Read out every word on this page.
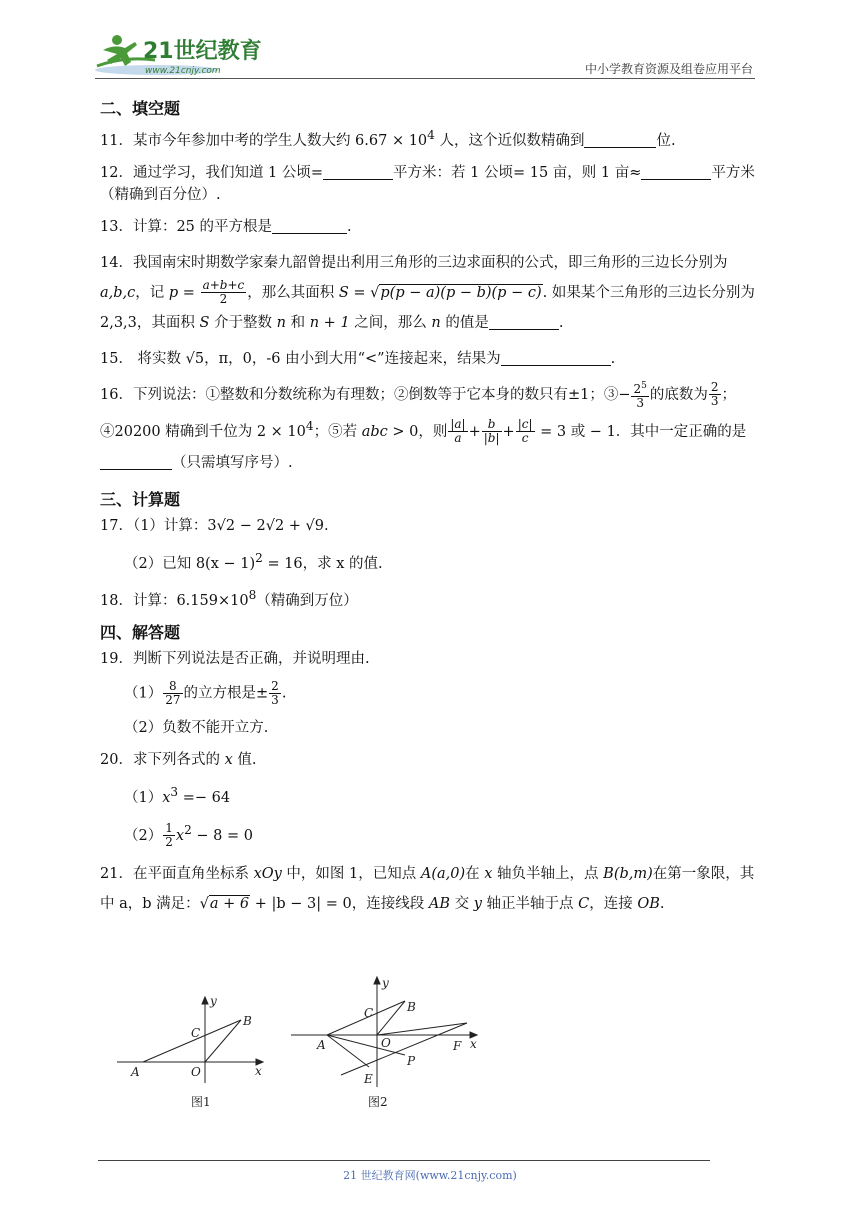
21世纪教育
www.21cnjy.com	中小学教育资源及组卷应用平台
二、填空题

11．某市今年参加中考的学生人数大约 $6.67 \times 10^4$ 人，这个近似数精确到	位.

12．通过学习，我们知道 1 公顷=	平方米：若 1 公顷= 15 亩，则 1 亩≈	平方米（精确到百分位）.

13．计算：25 的平方根是	.

14．我国南宋时期数学家秦九韶曾提出利用三角形的三边求面积的公式，即三角形的三边长分别为 a,b,c，记 $p = \frac{a+b+c}{2}$ ，那么其面积 S = √p(p − a)(p − b)(p − c). 如果某个三角形的三边长分别为 2,3,3，其面积 S 介于整数 n 和 n + 1 之间，那么 n 的值是	.

15． 将实数 √5，π，0，-6 由小到大用“<”连接起来，结果为	.

16．下列说法：①整数和分数统称为有理数；②倒数等于它本身的数只有±1；③− $\frac{2^5}{3}$ 的底数为 $\frac{2}{3}$ ；④20200 精确到千位为 $2 \times 10^4$；⑤若 abc > 0，则 $\frac{|a|}{a} + \frac{b}{|b|} + \frac{|c|}{c} = 3$ 或 − 1．其中一定正确的是（只需填写序号）.

三、计算题

17．（1）计算：3√2 − 2√2 + √9.

（2）已知 $8(x - 1)^2 = 16$，求 x 的值.

18．计算：$6.159\times 10^8$（精确到万位）

四、解答题

19．判断下列说法是否正确，并说明理由.

$(1) \frac{8}{27}$ 的立方根是± $\frac{2}{3}$ .

（2）负数不能开立方.

20．求下列各式的 x 值.

$(1)x^3 =- 64$

$(2) \frac{1}{2} x^2 - 8 = 0$

21．在平面直角坐标系 xOy 中，如图 1，已知点 A(a,0)在 x 轴负半轴上，点 B(b,m)在第一象限，其中 a，b 满足：√a + 6 + |b − 3| = 0，连接线段 AB 交 y 轴正半轴于点 C，连接 OB.

y
x
O
A
B
C
图1
y
x
O
A
B
C
E
P
F
图2
21 世纪教育网(www.21cnjy.com)
